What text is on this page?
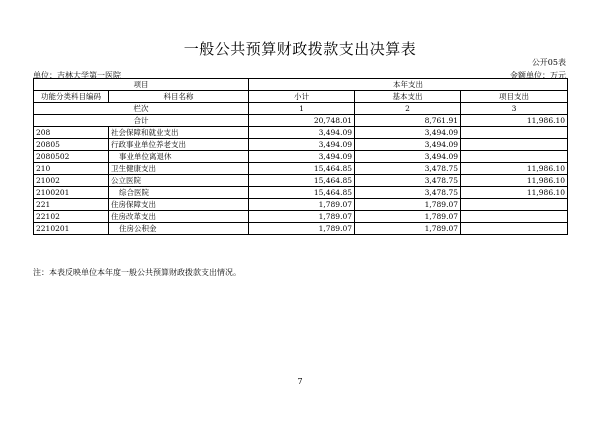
一般公共预算财政拨款支出决算表
公开05表
单位：吉林大学第一医院	金额单位：万元
项目		本年支出		
功能分类科目编码	科目名称	小计	基本支出	项目支出
栏次		1	2	3
合计		20,748.01	8,761.91	11,986.10
208	社会保障和就业支出	3,494.09	3,494.09	
20805	行政事业单位养老支出	3,494.09	3,494.09	
2080502	事业单位离退休	3,494.09	3,494.09	
210	卫生健康支出	15,464.85	3,478.75	11,986.10
21002	公立医院	15,464.85	3,478.75	11,986.10
2100201	综合医院	15,464.85	3,478.75	11,986.10
221	住房保障支出	1,789.07	1,789.07	
22102	住房改革支出	1,789.07	1,789.07	
2210201	住房公积金	1,789.07	1,789.07	
注：本表反映单位本年度一般公共预算财政拨款支出情况。
7
